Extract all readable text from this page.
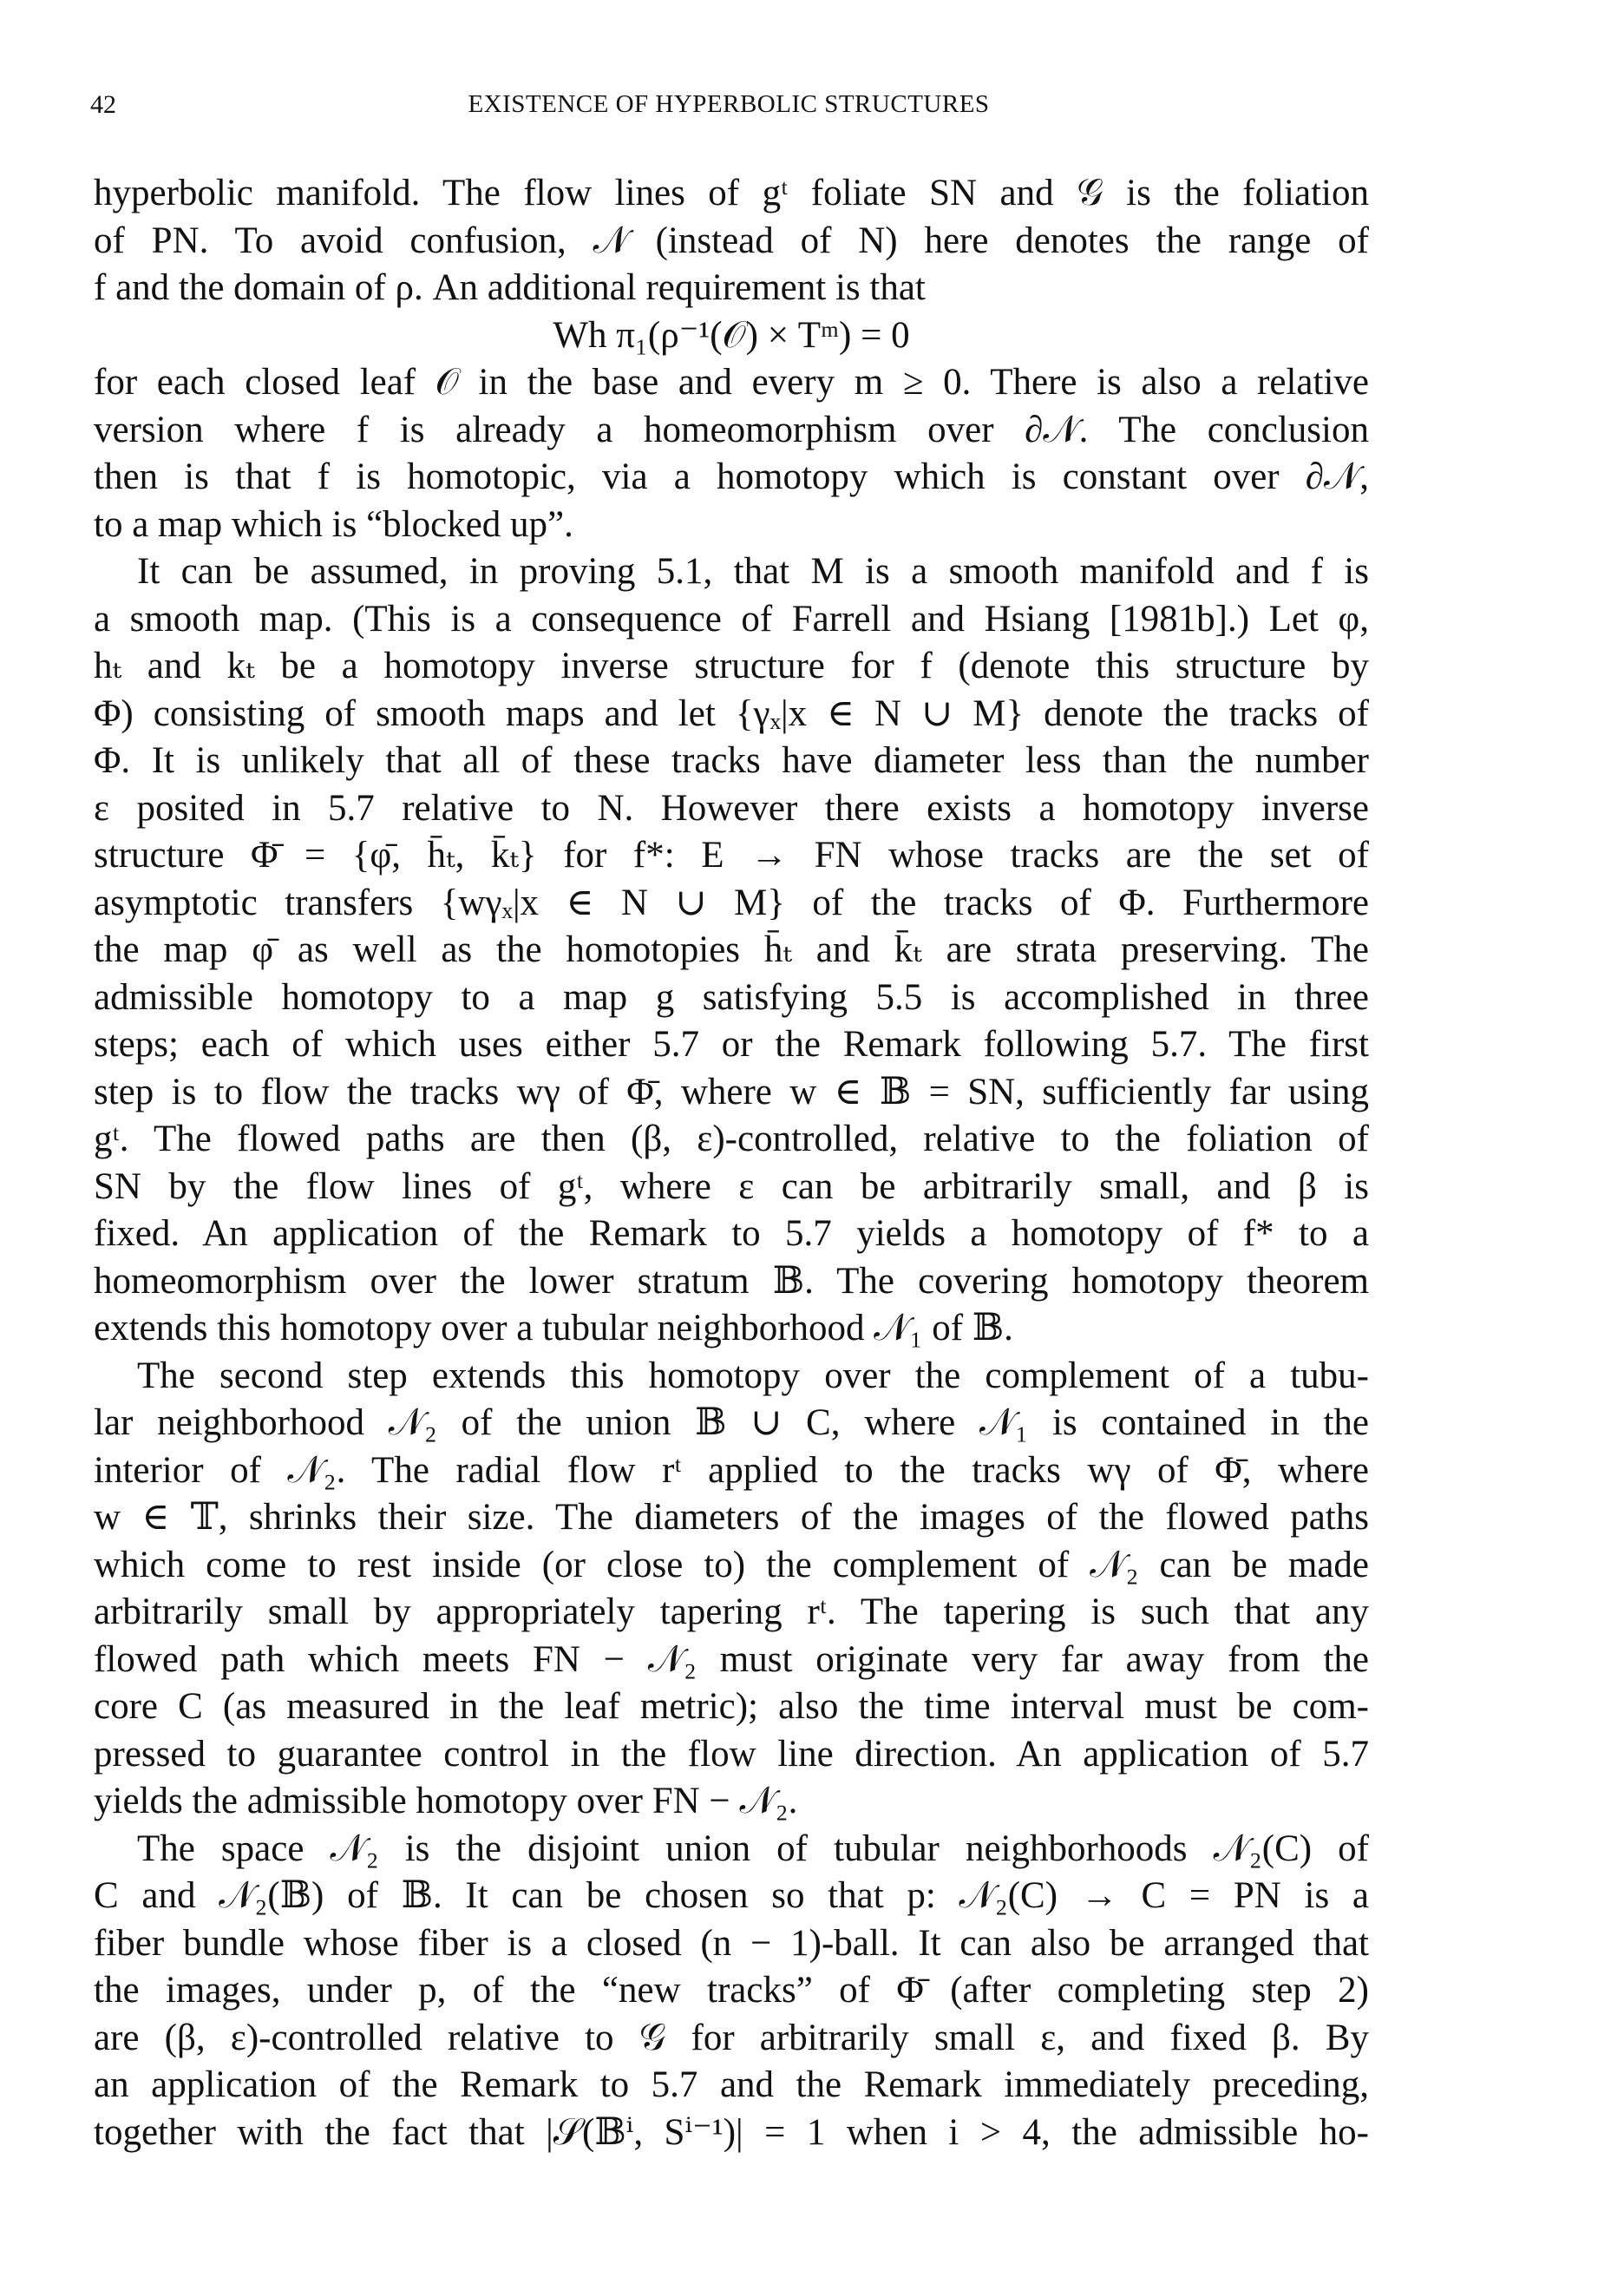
42	EXISTENCE OF HYPERBOLIC STRUCTURES
hyperbolic manifold. The flow lines of gᵗ foliate SN and 𝒢 is the foliation
of PN. To avoid confusion, 𝒩 (instead of N) here denotes the range of
f and the domain of ρ. An additional requirement is that
Wh π₁(ρ⁻¹(𝒪) × Tᵐ) = 0
for each closed leaf 𝒪 in the base and every m ≥ 0. There is also a relative
version where f is already a homeomorphism over ∂𝒩. The conclusion
then is that f is homotopic, via a homotopy which is constant over ∂𝒩,
to a map which is “blocked up”.
It can be assumed, in proving 5.1, that M is a smooth manifold and f is
a smooth map. (This is a consequence of Farrell and Hsiang [1981b].) Let φ,
hₜ and kₜ be a homotopy inverse structure for f (denote this structure by
Φ) consisting of smooth maps and let {γₓ|x ∈ N ∪ M} denote the tracks of
Φ. It is unlikely that all of these tracks have diameter less than the number
ε posited in 5.7 relative to N. However there exists a homotopy inverse
structure Φ̄ = {φ̄, h̄ₜ, k̄ₜ} for f*: E → FN whose tracks are the set of
asymptotic transfers {wγₓ|x ∈ N ∪ M} of the tracks of Φ. Furthermore
the map φ̄ as well as the homotopies h̄ₜ and k̄ₜ are strata preserving. The
admissible homotopy to a map g satisfying 5.5 is accomplished in three
steps; each of which uses either 5.7 or the Remark following 5.7. The first
step is to flow the tracks wγ of Φ̄, where w ∈ 𝔹 = SN, sufficiently far using
gᵗ. The flowed paths are then (β, ε)-controlled, relative to the foliation of
SN by the flow lines of gᵗ, where ε can be arbitrarily small, and β is
fixed. An application of the Remark to 5.7 yields a homotopy of f* to a
homeomorphism over the lower stratum 𝔹. The covering homotopy theorem
extends this homotopy over a tubular neighborhood 𝒩₁ of 𝔹.
The second step extends this homotopy over the complement of a tubu-
lar neighborhood 𝒩₂ of the union 𝔹 ∪ C, where 𝒩₁ is contained in the
interior of 𝒩₂. The radial flow rᵗ applied to the tracks wγ of Φ̄, where
w ∈ 𝕋, shrinks their size. The diameters of the images of the flowed paths
which come to rest inside (or close to) the complement of 𝒩₂ can be made
arbitrarily small by appropriately tapering rᵗ. The tapering is such that any
flowed path which meets FN − 𝒩₂ must originate very far away from the
core C (as measured in the leaf metric); also the time interval must be com-
pressed to guarantee control in the flow line direction. An application of 5.7
yields the admissible homotopy over FN − 𝒩₂.
The space 𝒩₂ is the disjoint union of tubular neighborhoods 𝒩₂(C) of
C and 𝒩₂(𝔹) of 𝔹. It can be chosen so that p: 𝒩₂(C) → C = PN is a
fiber bundle whose fiber is a closed (n − 1)-ball. It can also be arranged that
the images, under p, of the “new tracks” of Φ̄ (after completing step 2)
are (β, ε)-controlled relative to 𝒢 for arbitrarily small ε, and fixed β. By
an application of the Remark to 5.7 and the Remark immediately preceding,
together with the fact that |𝒮(𝔹ⁱ, Sⁱ⁻¹)| = 1 when i > 4, the admissible ho-
